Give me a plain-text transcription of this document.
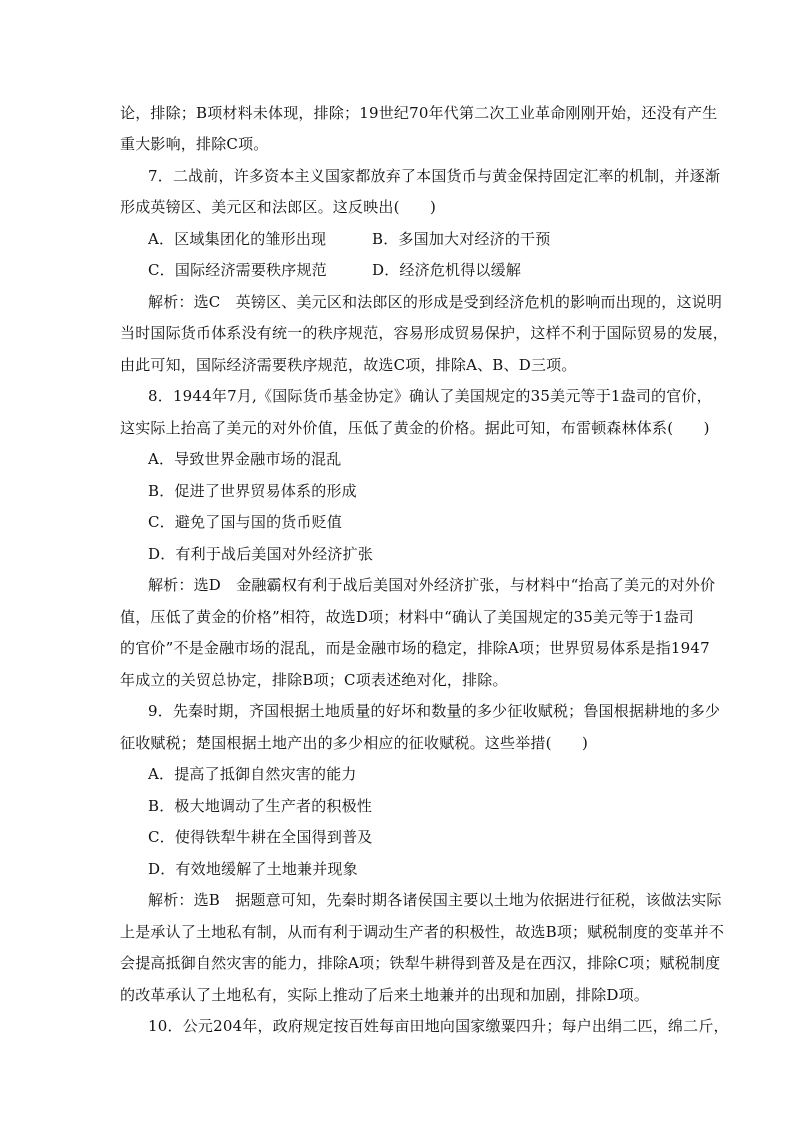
论，排除；B项材料未体现，排除；19世纪70年代第二次工业革命刚刚开始，还没有产生
重大影响，排除C项。
7．二战前，许多资本主义国家都放弃了本国货币与黄金保持固定汇率的机制，并逐渐
形成英镑区、美元区和法郎区。这反映出(　　)
A．区域集团化的雏形出现	B．多国加大对经济的干预
C．国际经济需要秩序规范	D．经济危机得以缓解
解析：选C　英镑区、美元区和法郎区的形成是受到经济危机的影响而出现的，这说明
当时国际货币体系没有统一的秩序规范，容易形成贸易保护，这样不利于国际贸易的发展，
由此可知，国际经济需要秩序规范，故选C项，排除A、B、D三项。
8．1944年7月,《国际货币基金协定》确认了美国规定的35美元等于1盎司的官价，
这实际上抬高了美元的对外价值，压低了黄金的价格。据此可知，布雷顿森林体系(　　)
A．导致世界金融市场的混乱
B．促进了世界贸易体系的形成
C．避免了国与国的货币贬值
D．有利于战后美国对外经济扩张
解析：选D　金融霸权有利于战后美国对外经济扩张，与材料中“抬高了美元的对外价
值，压低了黄金的价格”相符，故选D项；材料中“确认了美国规定的35美元等于1盎司
的官价”不是金融市场的混乱，而是金融市场的稳定，排除A项；世界贸易体系是指1947
年成立的关贸总协定，排除B项；C项表述绝对化，排除。
9．先秦时期，齐国根据土地质量的好坏和数量的多少征收赋税；鲁国根据耕地的多少
征收赋税；楚国根据土地产出的多少相应的征收赋税。这些举措(　　)
A．提高了抵御自然灾害的能力
B．极大地调动了生产者的积极性
C．使得铁犁牛耕在全国得到普及
D．有效地缓解了土地兼并现象
解析：选B　据题意可知，先秦时期各诸侯国主要以土地为依据进行征税，该做法实际
上是承认了土地私有制，从而有利于调动生产者的积极性，故选B项；赋税制度的变革并不
会提高抵御自然灾害的能力，排除A项；铁犁牛耕得到普及是在西汉，排除C项；赋税制度
的改革承认了土地私有，实际上推动了后来土地兼并的出现和加剧，排除D项。
10．公元204年，政府规定按百姓每亩田地向国家缴粟四升；每户出绢二匹，绵二斤，
